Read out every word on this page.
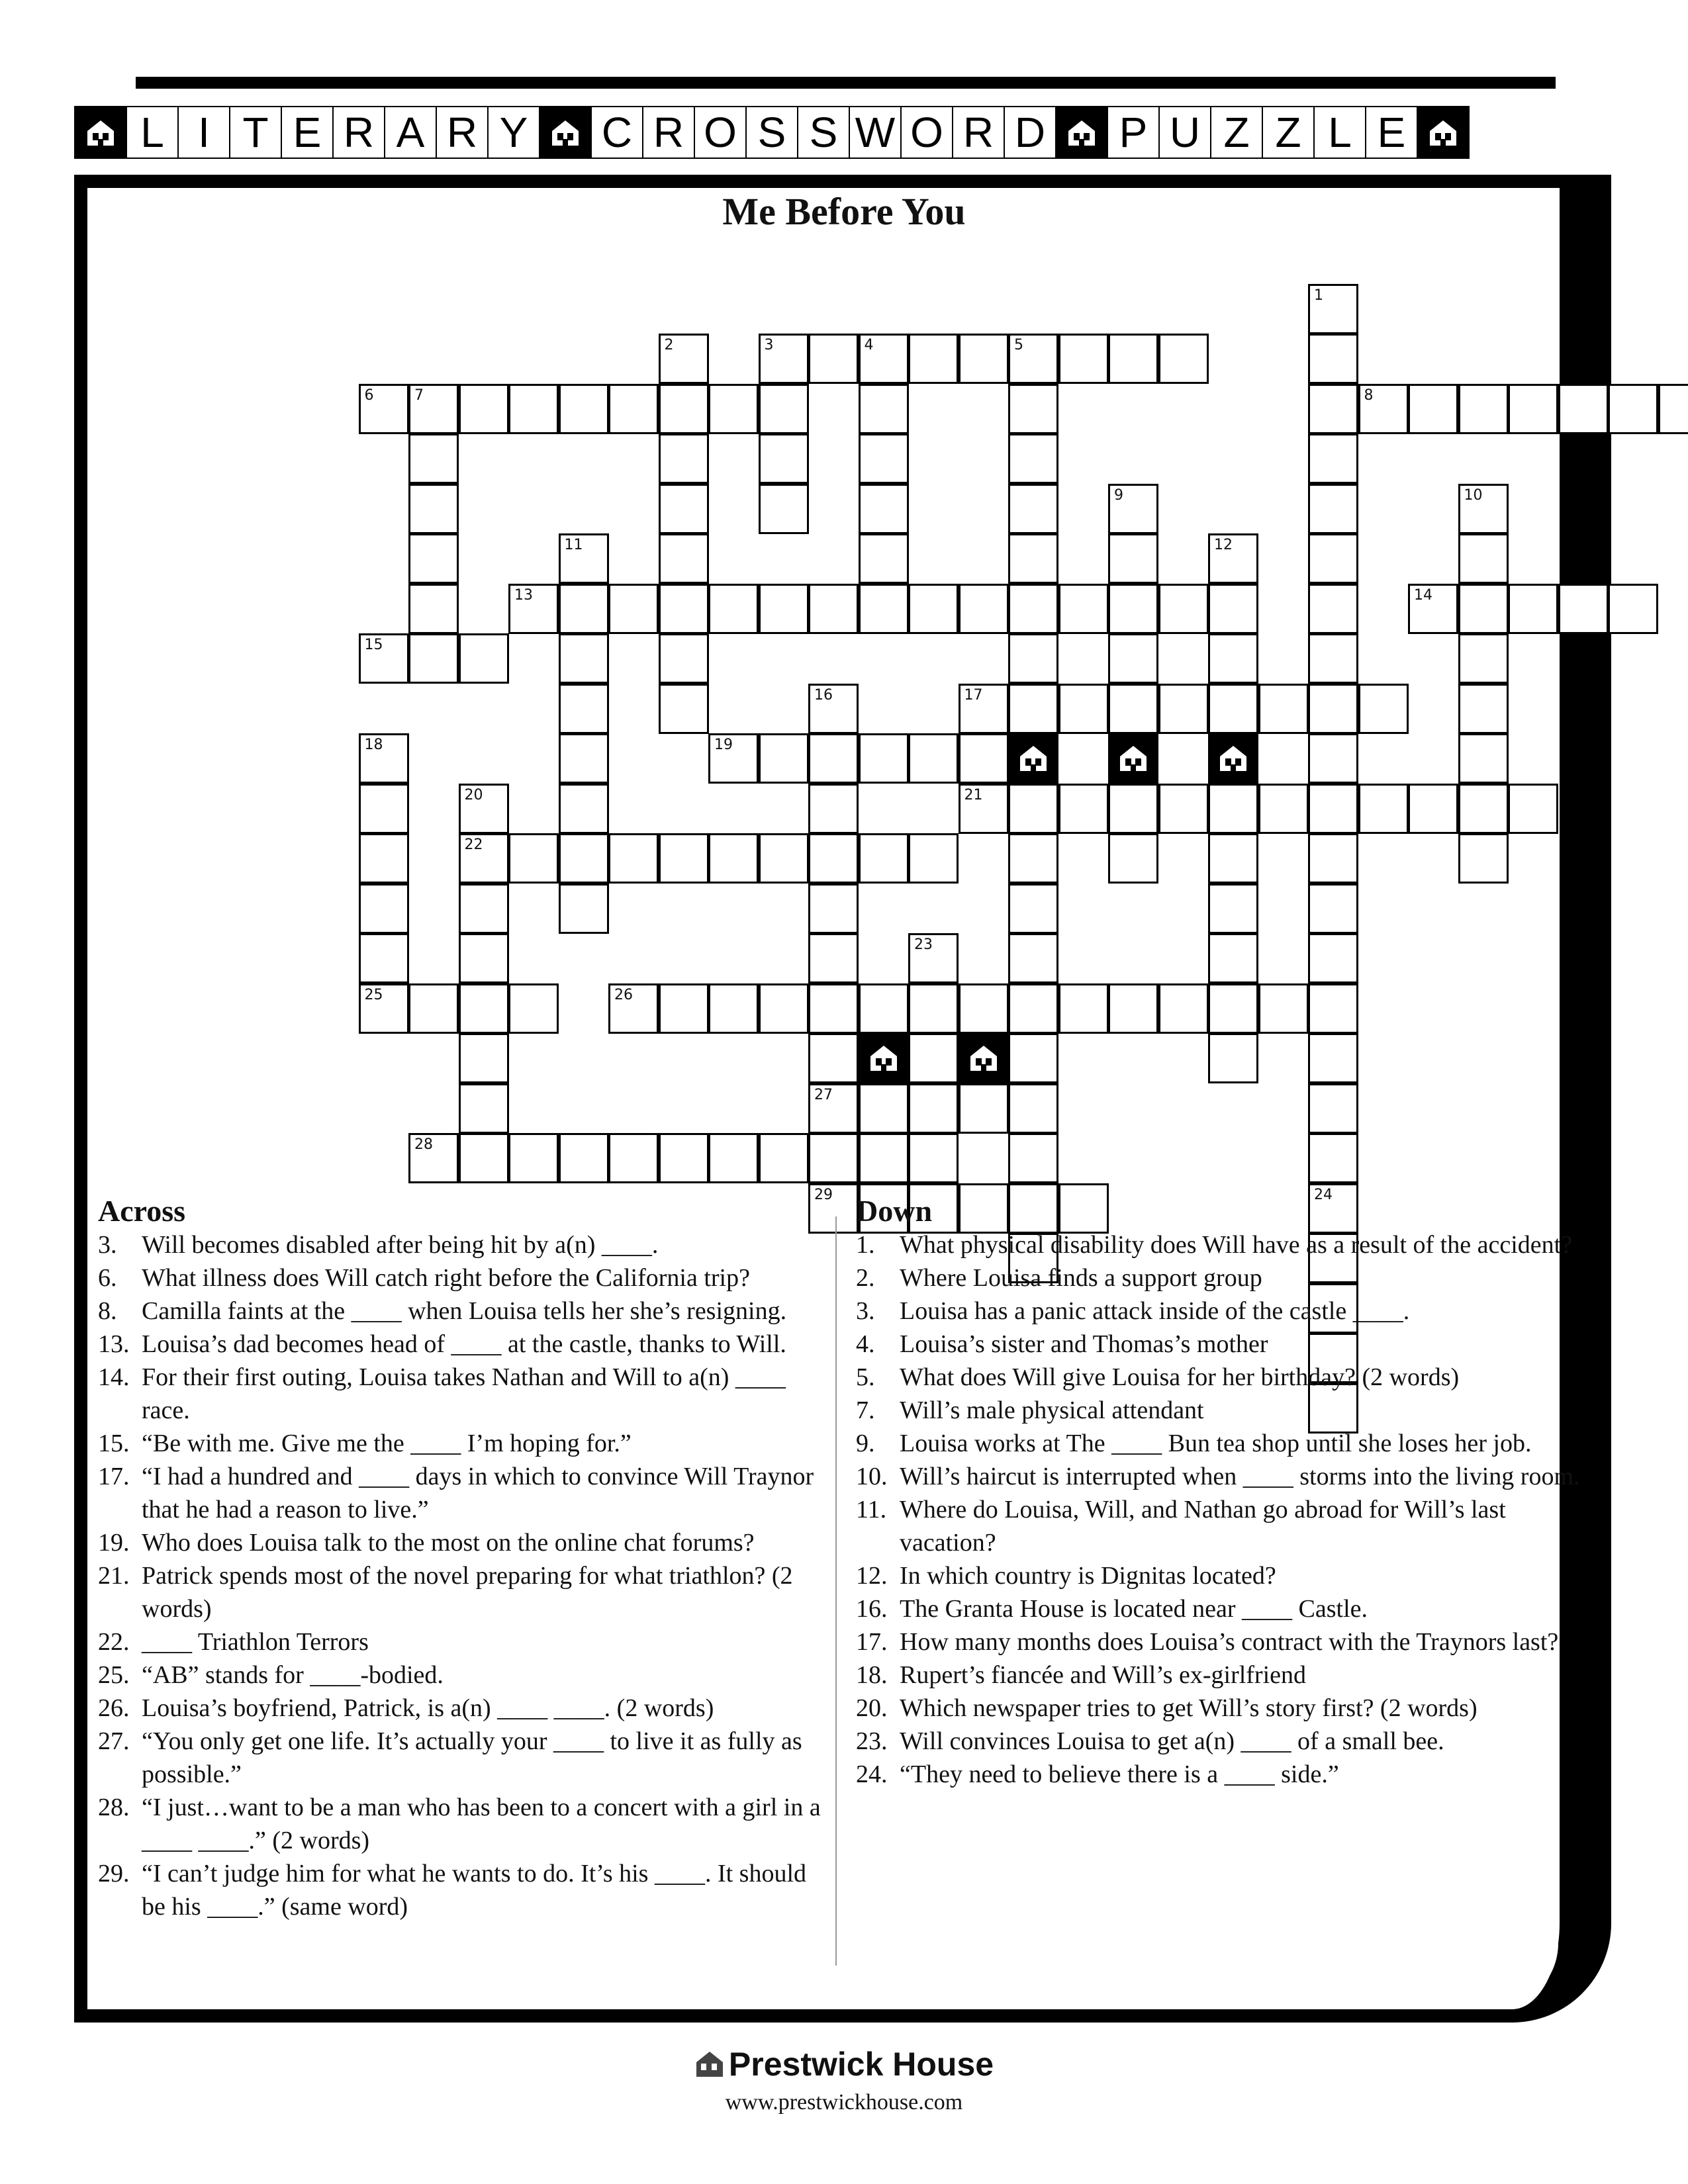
L I T E R A R Y C R O S S W O R D P U Z Z L E
Me Before You
1
24
2	3	4	5
6	7	8
9	10
11	12
13	14
15
16
27
17
18
25
19
20
22
21
23
26
28
29
Across
3. Will becomes disabled after being hit by a(n) ____.
6. What illness does Will catch right before the California trip?
8. Camilla faints at the ____ when Louisa tells her she’s resigning.
13. Louisa’s dad becomes head of ____ at the castle, thanks to Will.
14. For their first outing, Louisa takes Nathan and Will to a(n) ____ race.
15. “Be with me. Give me the ____ I’m hoping for.”
17. “I had a hundred and ____ days in which to convince Will Traynor that he had a reason to live.”
19. Who does Louisa talk to the most on the online chat forums?
21. Patrick spends most of the novel preparing for what triathlon? (2 words)
22. ____ Triathlon Terrors
25. “AB” stands for ____-bodied.
26. Louisa’s boyfriend, Patrick, is a(n) ____ ____. (2 words)
27. “You only get one life. It’s actually your ____ to live it as fully as possible.”
28. “I just…want to be a man who has been to a concert with a girl in a ____ ____.” (2 words)
29. “I can’t judge him for what he wants to do. It’s his ____. It should be his ____.” (same word)
Down
1. What physical disability does Will have as a result of the accident?
2. Where Louisa finds a support group
3. Louisa has a panic attack inside of the castle ____.
4. Louisa’s sister and Thomas’s mother
5. What does Will give Louisa for her birthday? (2 words)
7. Will’s male physical attendant
9. Louisa works at The ____ Bun tea shop until she loses her job.
10. Will’s haircut is interrupted when ____ storms into the living room.
11. Where do Louisa, Will, and Nathan go abroad for Will’s last vacation?
12. In which country is Dignitas located?
16. The Granta House is located near ____ Castle.
17. How many months does Louisa’s contract with the Traynors last?
18. Rupert’s fiancée and Will’s ex-girlfriend
20. Which newspaper tries to get Will’s story first? (2 words)
23. Will convinces Louisa to get a(n) ____ of a small bee.
24. “They need to believe there is a ____ side.”
Prestwick House
www.prestwickhouse.com
